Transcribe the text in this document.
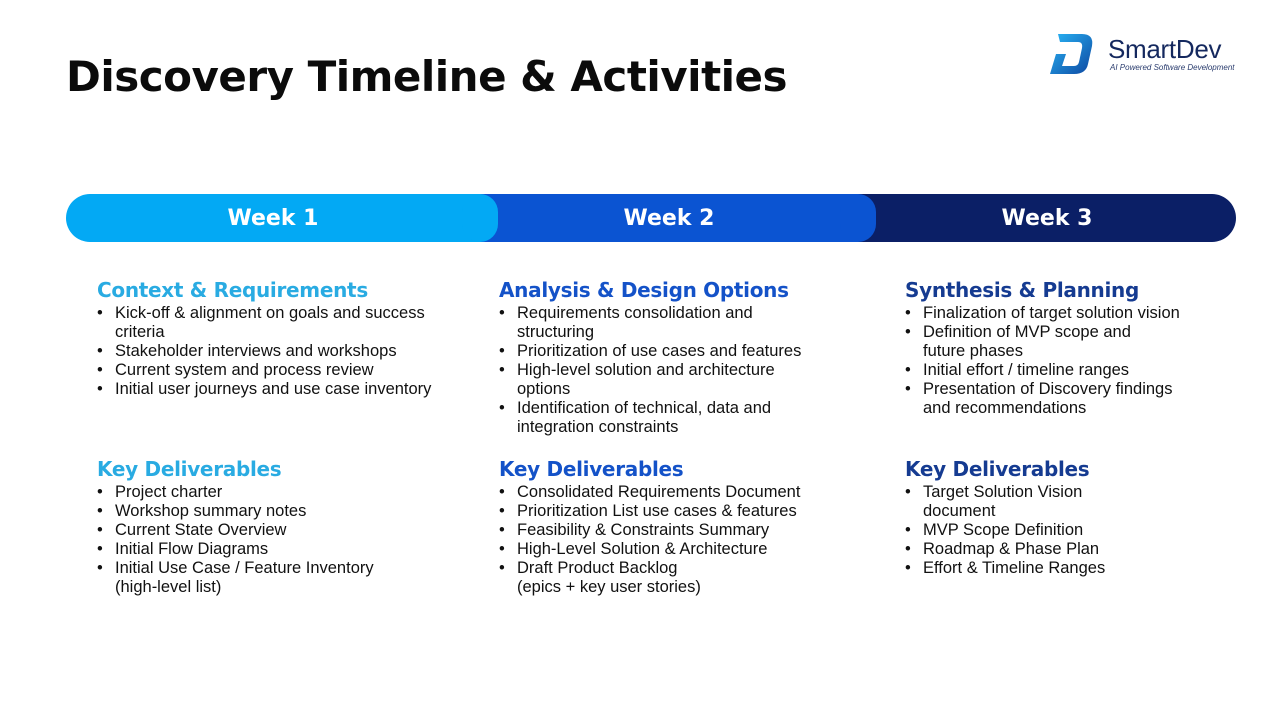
Discovery Timeline & Activities
SmartDev
AI Powered Software Development
Week 1	Week 2	Week 3
Context & Requirements
• Kick-off & alignment on goals and success criteria
• Stakeholder interviews and workshops
• Current system and process review
• Initial user journeys and use case inventory
Key Deliverables
• Project charter
• Workshop summary notes
• Current State Overview
• Initial Flow Diagrams
• Initial Use Case / Feature Inventory (high-level list)
Analysis & Design Options
• Requirements consolidation and structuring
• Prioritization of use cases and features
• High-level solution and architecture options
• Identification of technical, data and integration constraints
Key Deliverables
• Consolidated Requirements Document
• Prioritization List use cases & features
• Feasibility & Constraints Summary
• High-Level Solution & Architecture
• Draft Product Backlog
(epics + key user stories)
Synthesis & Planning
• Finalization of target solution vision
• Definition of MVP scope and future phases
• Initial effort / timeline ranges
• Presentation of Discovery findings and recommendations
Key Deliverables
• Target Solution Vision document
• MVP Scope Definition
• Roadmap & Phase Plan
• Effort & Timeline Ranges
